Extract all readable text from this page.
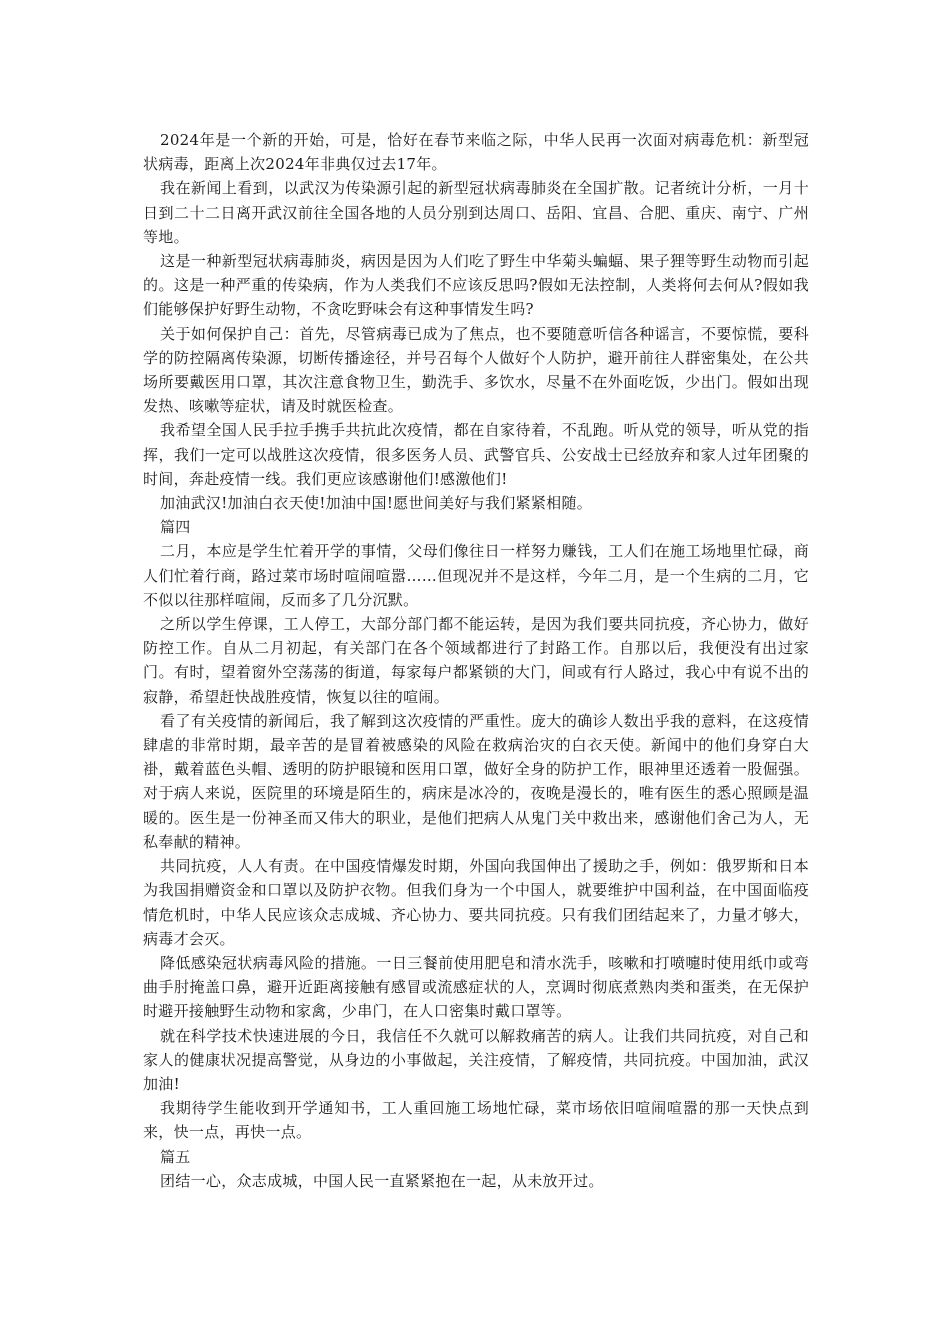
2024年是一个新的开始，可是，恰好在春节来临之际，中华人民再一次面对病毒危机：新型冠状病毒，距离上次2024年非典仅过去17年。

我在新闻上看到，以武汉为传染源引起的新型冠状病毒肺炎在全国扩散。记者统计分析，一月十日到二十二日离开武汉前往全国各地的人员分别到达周口、岳阳、宜昌、合肥、重庆、南宁、广州等地。

这是一种新型冠状病毒肺炎，病因是因为人们吃了野生中华菊头蝙蝠、果子狸等野生动物而引起的。这是一种严重的传染病，作为人类我们不应该反思吗?假如无法控制，人类将何去何从?假如我们能够保护好野生动物，不贪吃野味会有这种事情发生吗?

关于如何保护自己：首先，尽管病毒已成为了焦点，也不要随意听信各种谣言，不要惊慌，要科学的防控隔离传染源，切断传播途径，并号召每个人做好个人防护，避开前往人群密集处，在公共场所要戴医用口罩，其次注意食物卫生，勤洗手、多饮水，尽量不在外面吃饭，少出门。假如出现发热、咳嗽等症状，请及时就医检查。

我希望全国人民手拉手携手共抗此次疫情，都在自家待着，不乱跑。听从党的领导，听从党的指挥，我们一定可以战胜这次疫情，很多医务人员、武警官兵、公安战士已经放弃和家人过年团聚的时间，奔赴疫情一线。我们更应该感谢他们!感激他们!

加油武汉!加油白衣天使!加油中国!愿世间美好与我们紧紧相随。

篇四

二月，本应是学生忙着开学的事情，父母们像往日一样努力赚钱，工人们在施工场地里忙碌，商人们忙着行商，路过菜市场时喧闹喧嚣……但现况并不是这样，今年二月，是一个生病的二月，它不似以往那样喧闹，反而多了几分沉默。

之所以学生停课，工人停工，大部分部门都不能运转，是因为我们要共同抗疫，齐心协力，做好防控工作。自从二月初起，有关部门在各个领域都进行了封路工作。自那以后，我便没有出过家门。有时，望着窗外空荡荡的街道，每家每户都紧锁的大门，间或有行人路过，我心中有说不出的寂静，希望赶快战胜疫情，恢复以往的喧闹。

看了有关疫情的新闻后，我了解到这次疫情的严重性。庞大的确诊人数出乎我的意料，在这疫情肆虐的非常时期，最辛苦的是冒着被感染的风险在救病治灾的白衣天使。新闻中的他们身穿白大褂，戴着蓝色头帽、透明的防护眼镜和医用口罩，做好全身的防护工作，眼神里还透着一股倔强。对于病人来说，医院里的环境是陌生的，病床是冰冷的，夜晚是漫长的，唯有医生的悉心照顾是温暖的。医生是一份神圣而又伟大的职业，是他们把病人从鬼门关中救出来，感谢他们舍己为人，无私奉献的精神。

共同抗疫，人人有责。在中国疫情爆发时期，外国向我国伸出了援助之手，例如：俄罗斯和日本为我国捐赠资金和口罩以及防护衣物。但我们身为一个中国人，就要维护中国利益，在中国面临疫情危机时，中华人民应该众志成城、齐心协力、要共同抗疫。只有我们团结起来了，力量才够大，病毒才会灭。

降低感染冠状病毒风险的措施。一日三餐前使用肥皂和清水洗手，咳嗽和打喷嚏时使用纸巾或弯曲手肘掩盖口鼻，避开近距离接触有感冒或流感症状的人，烹调时彻底煮熟肉类和蛋类，在无保护时避开接触野生动物和家禽，少串门，在人口密集时戴口罩等。

就在科学技术快速进展的今日，我信任不久就可以解救痛苦的病人。让我们共同抗疫，对自己和家人的健康状况提高警觉，从身边的小事做起，关注疫情，了解疫情，共同抗疫。中国加油，武汉加油!

我期待学生能收到开学通知书，工人重回施工场地忙碌，菜市场依旧喧闹喧嚣的那一天快点到来，快一点，再快一点。

篇五

团结一心，众志成城，中国人民一直紧紧抱在一起，从未放开过。
